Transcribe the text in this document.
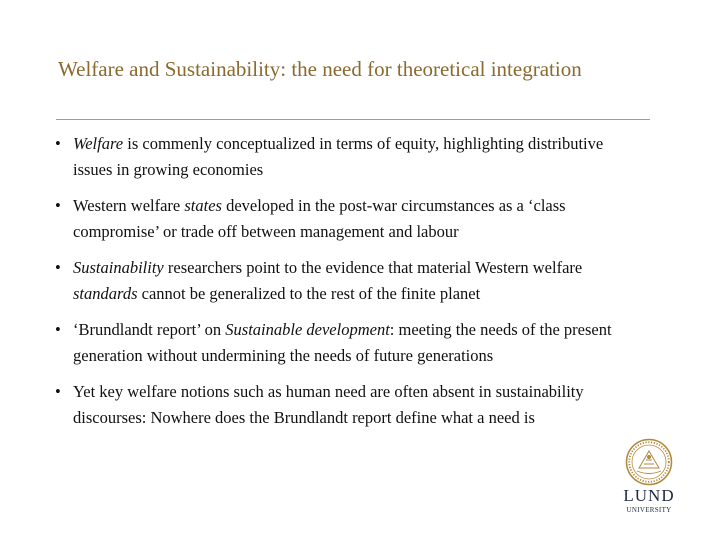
Welfare and Sustainability: the need for theoretical integration
• Welfare is commenly conceptualized in terms of equity, highlighting distributive issues in growing economies
• Western welfare states developed in the post-war circumstances as a ‘class compromise’ or trade off between management and labour
• Sustainability researchers point to the evidence that material Western welfare standards cannot be generalized to the rest of the finite planet
• ‘Brundlandt report’ on Sustainable development: meeting the needs of the present generation without undermining the needs of future generations
• Yet key welfare notions such as human need are often absent in sustainability discourses: Nowhere does the Brundlandt report define what a need is
LUND
UNIVERSITY
